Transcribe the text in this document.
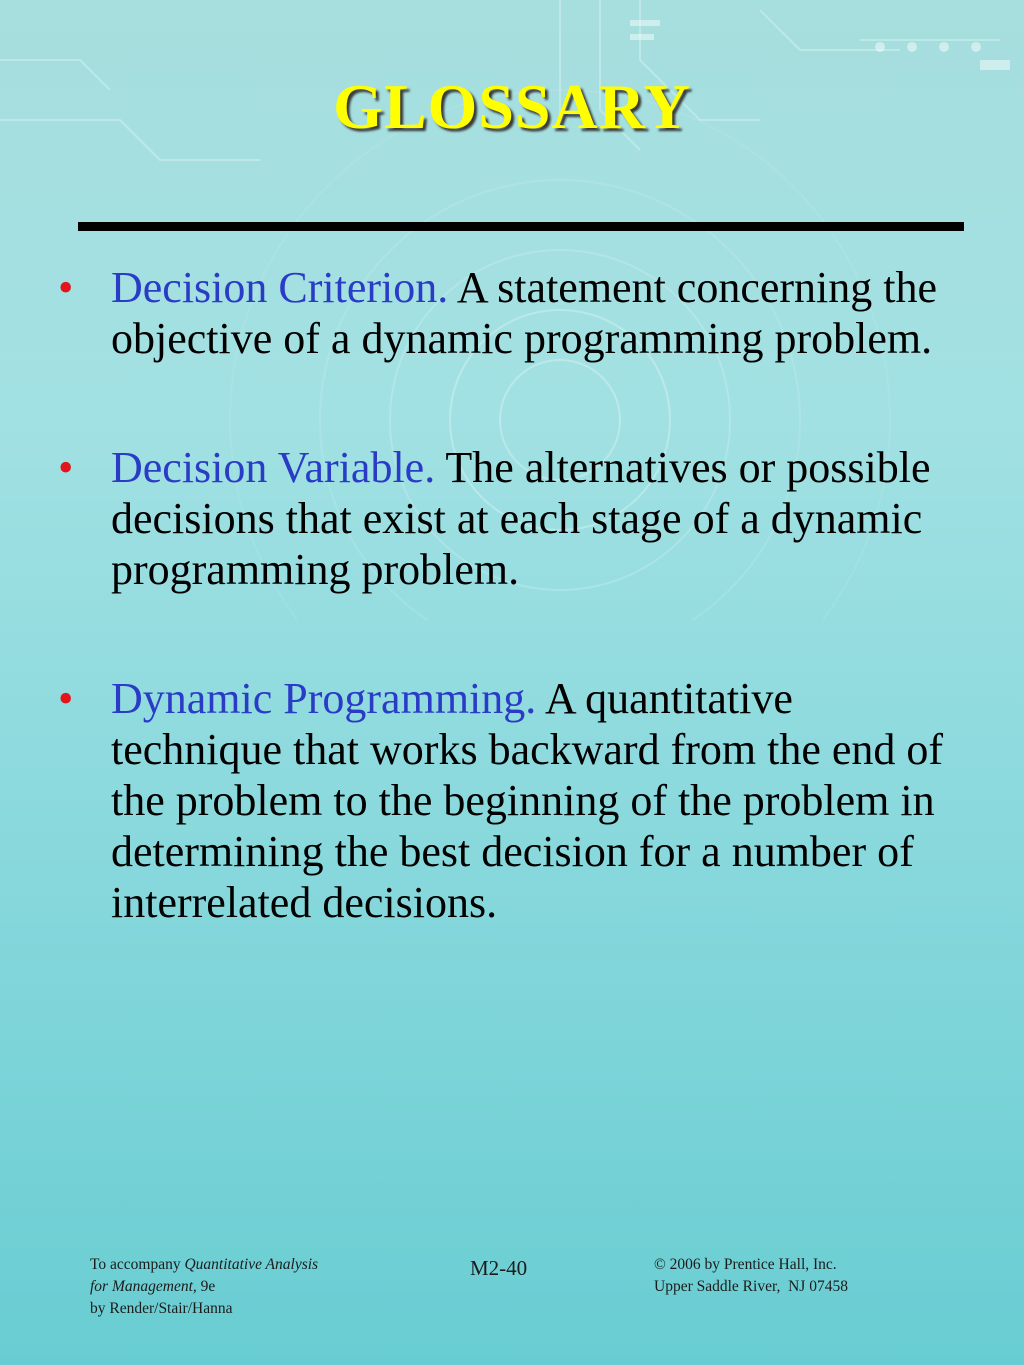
GLOSSARY
• Decision Criterion. A statement concerning the objective of a dynamic programming problem.
• Decision Variable. The alternatives or possible decisions that exist at each stage of a dynamic programming problem.
• Dynamic Programming. A quantitative technique that works backward from the end of the problem to the beginning of the problem in determining the best decision for a number of interrelated decisions.
To accompany Quantitative Analysis
for Management, 9e
by Render/Stair/Hanna
M2-40	© 2006 by Prentice Hall, Inc.
Upper Saddle River,  NJ 07458
